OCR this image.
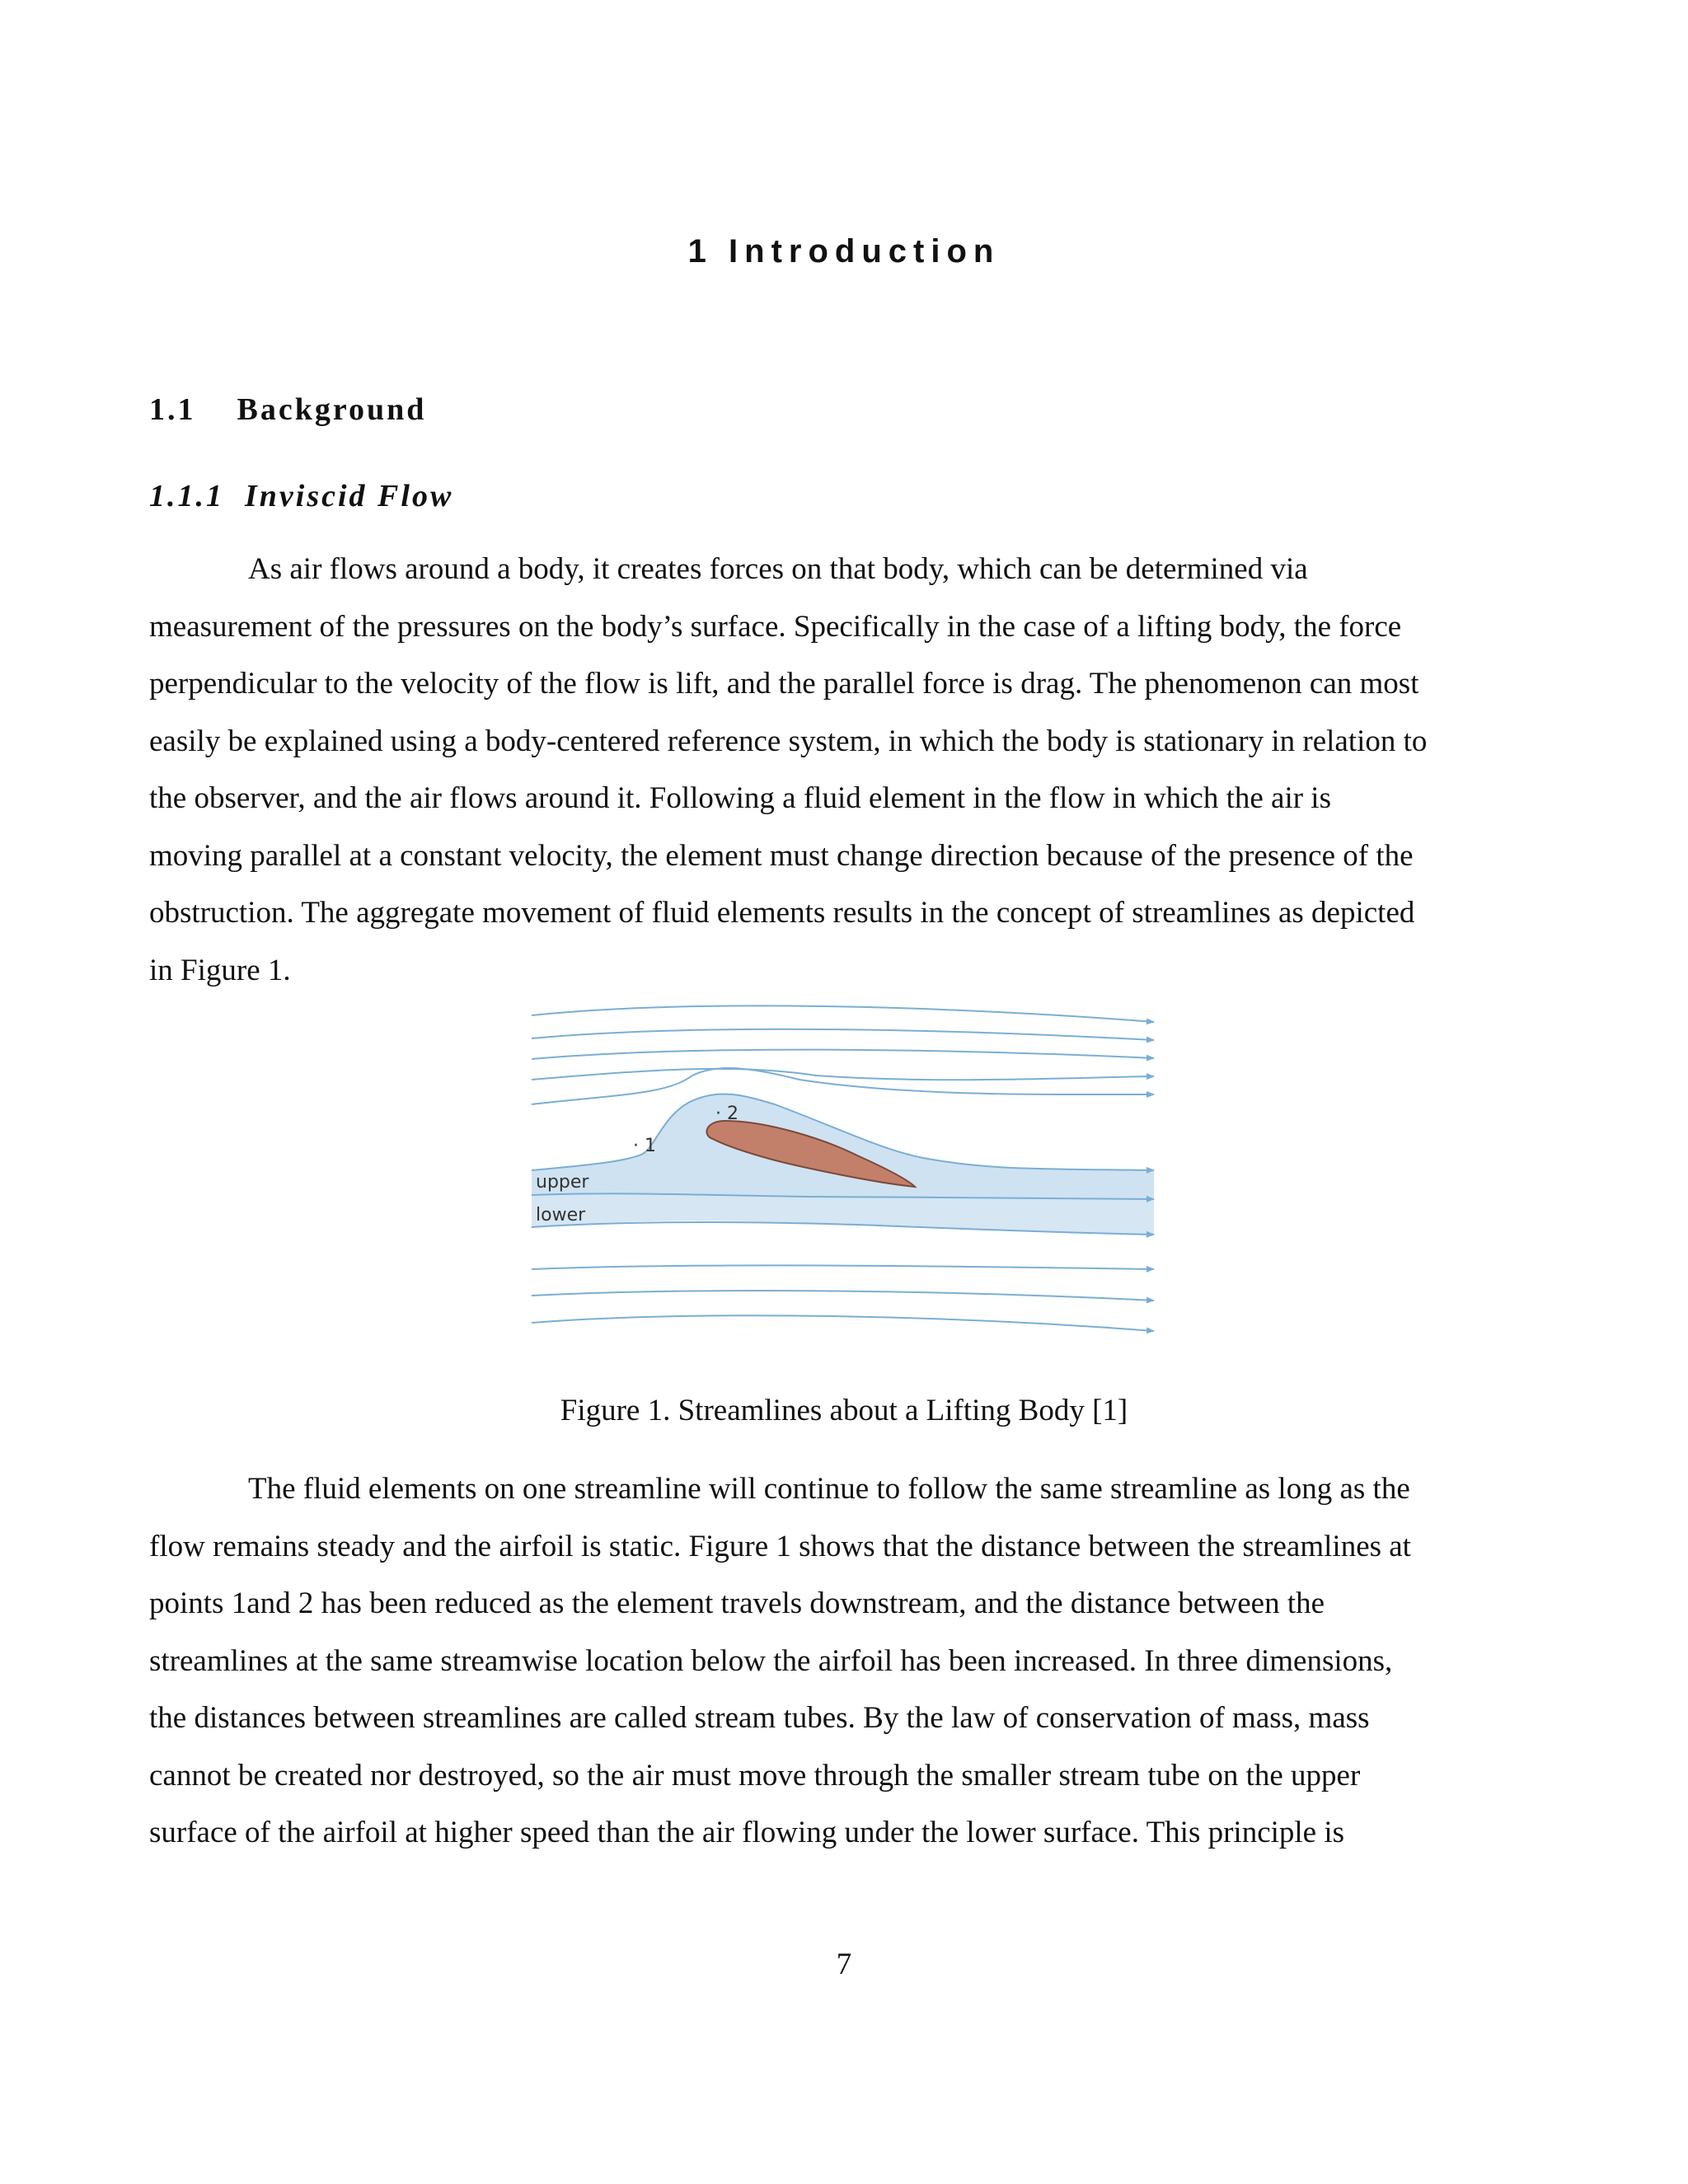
1 Introduction
1.1    Background
1.1.1  Inviscid Flow
As air flows around a body, it creates forces on that body, which can be determined via
measurement of the pressures on the body’s surface. Specifically in the case of a lifting body, the force
perpendicular to the velocity of the flow is lift, and the parallel force is drag. The phenomenon can most
easily be explained using a body-centered reference system, in which the body is stationary in relation to
the observer, and the air flows around it. Following a fluid element in the flow in which the air is
moving parallel at a constant velocity, the element must change direction because of the presence of the
obstruction. The aggregate movement of fluid elements results in the concept of streamlines as depicted
in Figure 1.
· 1
· 2
upper
lower

Figure 1. Streamlines about a Lifting Body [1]

The fluid elements on one streamline will continue to follow the same streamline as long as the
flow remains steady and the airfoil is static. Figure 1 shows that the distance between the streamlines at
points 1and 2 has been reduced as the element travels downstream, and the distance between the
streamlines at the same streamwise location below the airfoil has been increased. In three dimensions,
the distances between streamlines are called stream tubes. By the law of conservation of mass, mass
cannot be created nor destroyed, so the air must move through the smaller stream tube on the upper
surface of the airfoil at higher speed than the air flowing under the lower surface. This principle is

7
